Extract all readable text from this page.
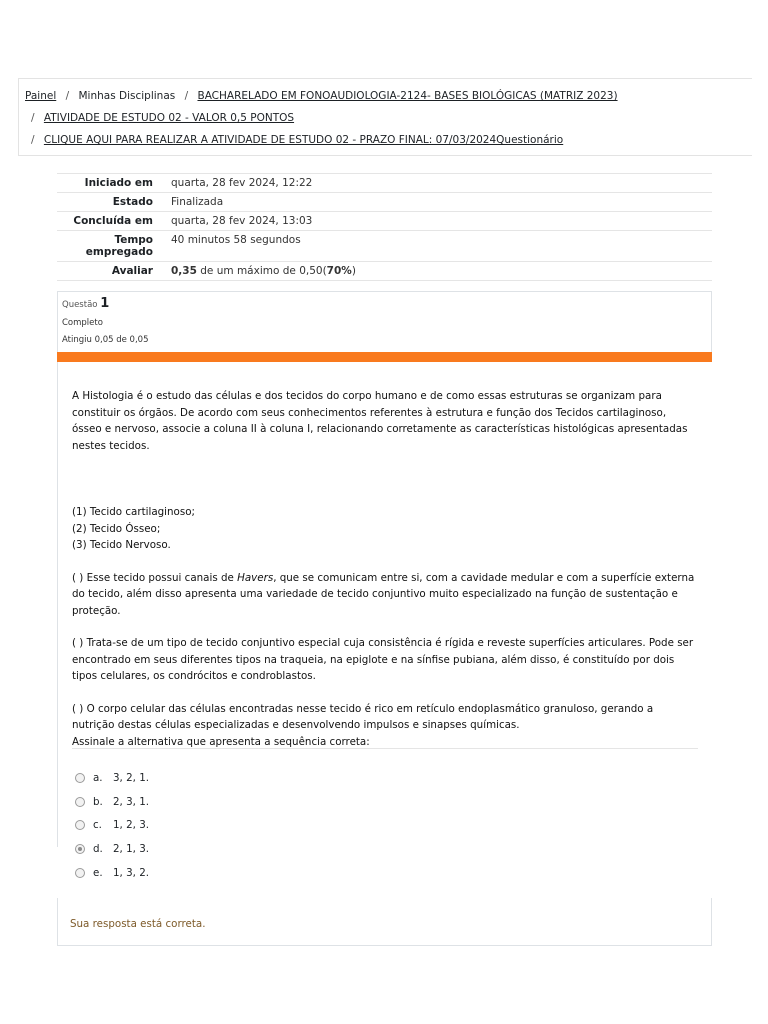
Painel / Minhas Disciplinas / BACHARELADO EM FONOAUDIOLOGIA-2124- BASES BIOLÓGICAS (MATRIZ 2023)
/ ATIVIDADE DE ESTUDO 02 - VALOR 0,5 PONTOS
/ CLIQUE AQUI PARA REALIZAR A ATIVIDADE DE ESTUDO 02 - PRAZO FINAL: 07/03/2024Questionário
Iniciado em	quarta, 28 fev 2024, 12:22
Estado	Finalizada
Concluída em	quarta, 28 fev 2024, 13:03
Tempo empregado	40 minutos 58 segundos
Avaliar	0,35 de um máximo de 0,50(70%)
Questão 1
Completo
Atingiu 0,05 de 0,05

A Histologia é o estudo das células e dos tecidos do corpo humano e de como essas estruturas se organizam para constituir os órgãos. De acordo com seus conhecimentos referentes à estrutura e função dos Tecidos cartilaginoso, ósseo e nervoso, associe a coluna II à coluna I, relacionando corretamente as características histológicas apresentadas nestes tecidos.

(1) Tecido cartilaginoso;

(2) Tecido Ósseo;

(3) Tecido Nervoso.

( ) Esse tecido possui canais de Havers, que se comunicam entre si, com a cavidade medular e com a superfície externa do tecido, além disso apresenta uma variedade de tecido conjuntivo muito especializado na função de sustentação e proteção.

( ) Trata-se de um tipo de tecido conjuntivo especial cuja consistência é rígida e reveste superfícies articulares. Pode ser encontrado em seus diferentes tipos na traqueia, na epiglote e na sínfise pubiana, além disso, é constituído por dois tipos celulares, os condrócitos e condroblastos.

( ) O corpo celular das células encontradas nesse tecido é rico em retículo endoplasmático granuloso, gerando a nutrição destas células especializadas e desenvolvendo impulsos e sinapses químicas.

Assinale a alternativa que apresenta a sequência correta:

a.	3, 2, 1.
b. 2, 3, 1.
c.	1, 2, 3.
d. 2, 1, 3.
e.	1, 3, 2.
Sua resposta está correta.
